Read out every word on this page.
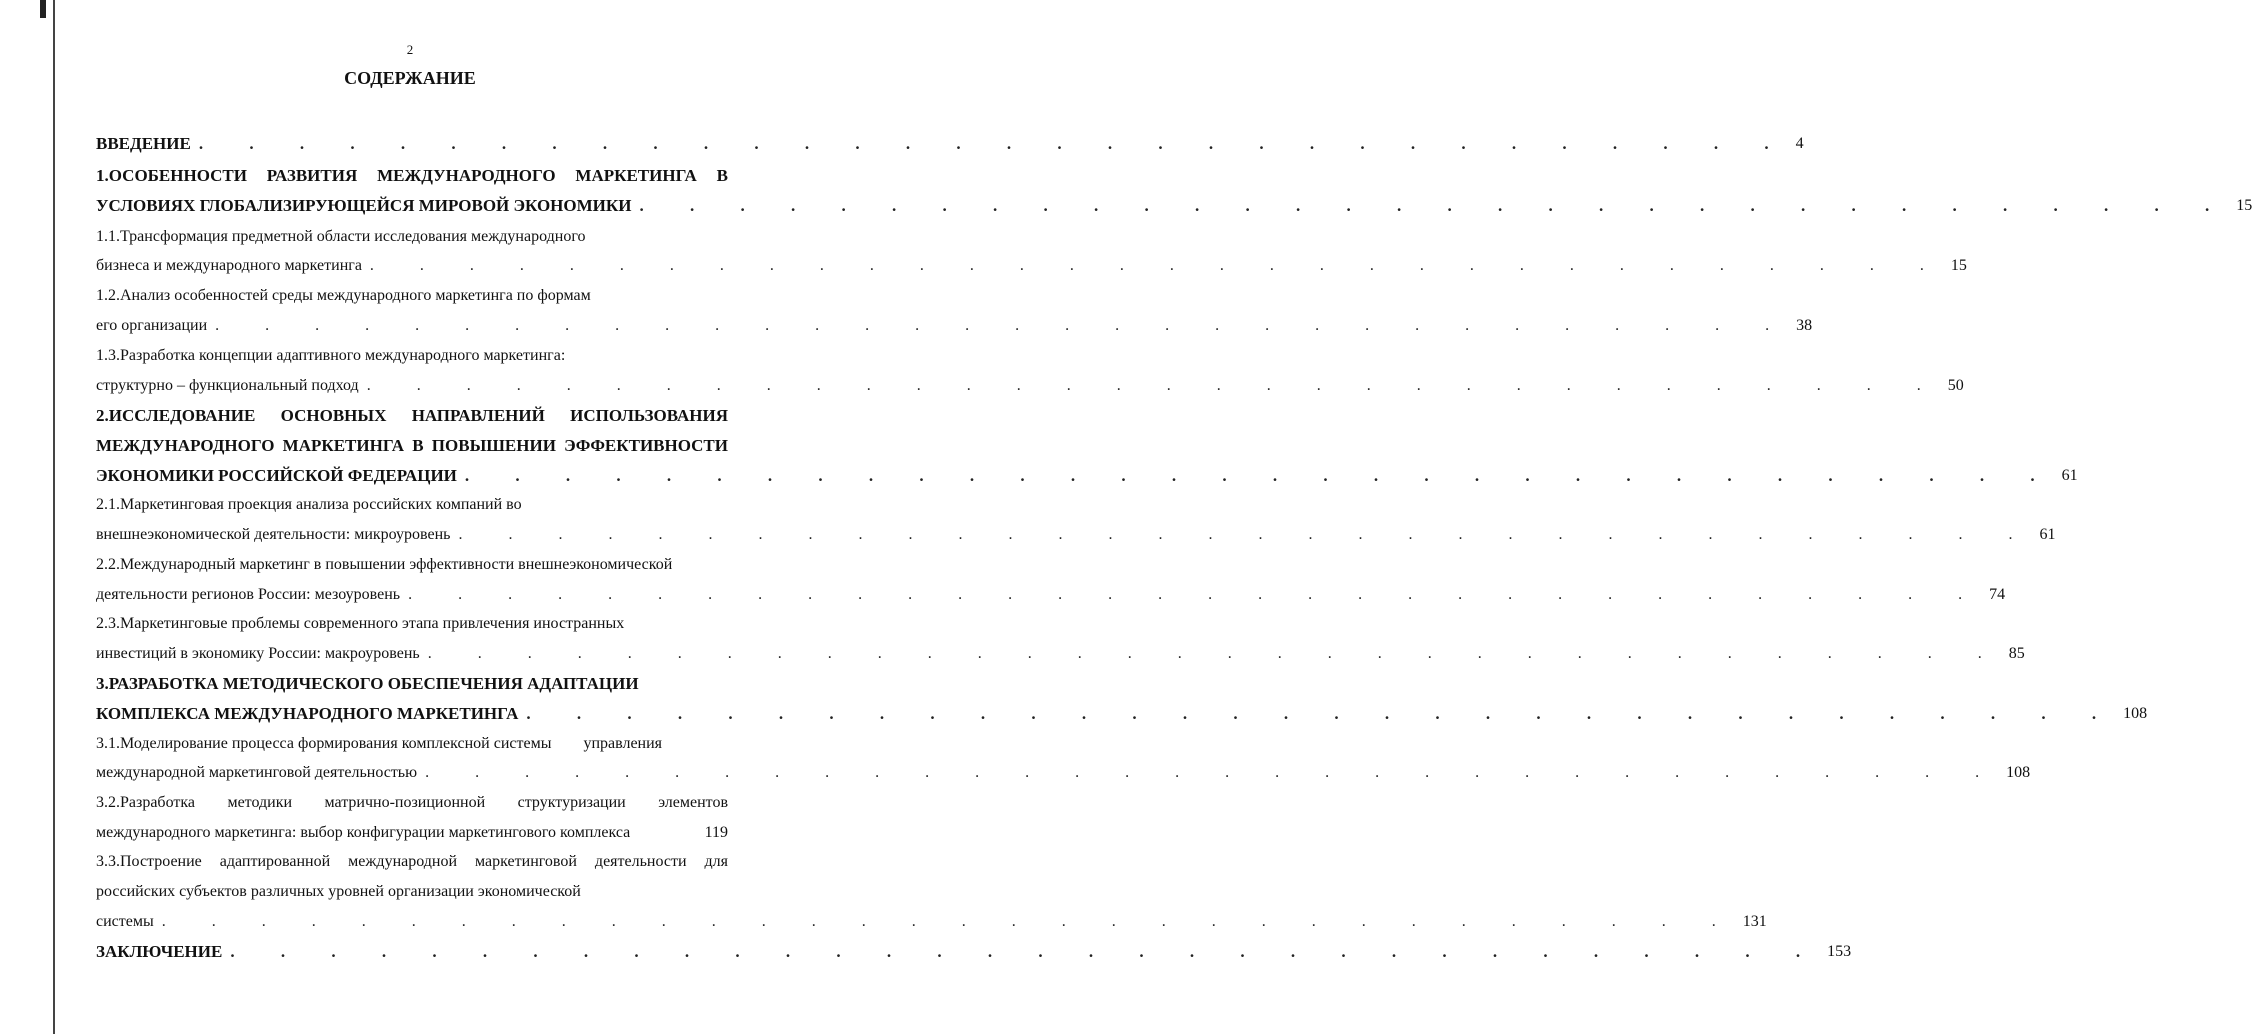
2
СОДЕРЖАНИЕ
ВВЕДЕНИЕ . . . . . . . . . . . . . . . . . . . . . . . . . . . . . . . . 4
1.ОСОБЕННОСТИ РАЗВИТИЯ МЕЖДУНАРОДНОГО МАРКЕТИНГА В
УСЛОВИЯХ ГЛОБАЛИЗИРУЮЩЕЙСЯ МИРОВОЙ ЭКОНОМИКИ . . . . . . . . . . . . . . . . . . . . . . . . . . . . . . . . 15
1.1.Трансформация предметной области исследования международного
бизнеса и международного маркетинга . . . . . . . . . . . . . . . . . . . . . . . . . . . . . . . . 15
1.2.Анализ особенностей среды международного маркетинга по формам
его организации . . . . . . . . . . . . . . . . . . . . . . . . . . . . . . . . 38
1.3.Разработка концепции адаптивного международного маркетинга:
структурно – функциональный подход . . . . . . . . . . . . . . . . . . . . . . . . . . . . . . . . 50
2.ИССЛЕДОВАНИЕ ОСНОВНЫХ НАПРАВЛЕНИЙ ИСПОЛЬЗОВАНИЯ
МЕЖДУНАРОДНОГО МАРКЕТИНГА В ПОВЫШЕНИИ ЭФФЕКТИВНОСТИ
ЭКОНОМИКИ РОССИЙСКОЙ ФЕДЕРАЦИИ . . . . . . . . . . . . . . . . . . . . . . . . . . . . . . . . 61
2.1.Маркетинговая проекция анализа российских компаний во
внешнеэкономической деятельности: микроуровень . . . . . . . . . . . . . . . . . . . . . . . . . . . . . . . . 61
2.2.Международный маркетинг в повышении эффективности внешнеэкономической
деятельности регионов России: мезоуровень . . . . . . . . . . . . . . . . . . . . . . . . . . . . . . . . 74
2.3.Маркетинговые проблемы современного этапа привлечения иностранных
инвестиций в экономику России: макроуровень . . . . . . . . . . . . . . . . . . . . . . . . . . . . . . . . 85
3.РАЗРАБОТКА МЕТОДИЧЕСКОГО ОБЕСПЕЧЕНИЯ АДАПТАЦИИ
КОМПЛЕКСА МЕЖДУНАРОДНОГО МАРКЕТИНГА . . . . . . . . . . . . . . . . . . . . . . . . . . . . . . . . 108
3.1.Моделирование процесса формирования комплексной системы        управления
международной маркетинговой деятельностью . . . . . . . . . . . . . . . . . . . . . . . . . . . . . . . . 108
3.2.Разработка методики матрично-позиционной структуризации элементов
международного маркетинга: выбор конфигурации маркетингового комплекса	119
3.3.Построение адаптированной международной маркетинговой деятельности для
российских субъектов различных уровней организации экономической
системы . . . . . . . . . . . . . . . . . . . . . . . . . . . . . . . . 131
ЗАКЛЮЧЕНИЕ . . . . . . . . . . . . . . . . . . . . . . . . . . . . . . . . 153
